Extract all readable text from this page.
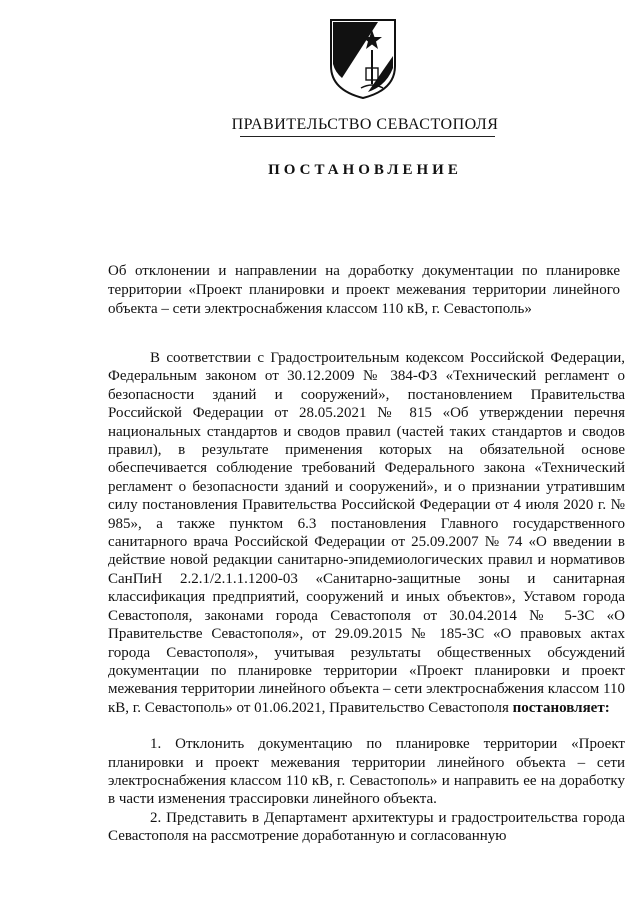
ПРАВИТЕЛЬСТВО СЕВАСТОПОЛЯ
ПОСТАНОВЛЕНИЕ
Об отклонении и направлении на доработку документации по планировке территории «Проект планировки и проект межевания территории линейного объекта – сети электроснабжения классом 110 кВ, г. Севастополь»

В соответствии с Градостроительным кодексом Российской Федерации, Федеральным законом от 30.12.2009 № 384-ФЗ «Технический регламент о безопасности зданий и сооружений», постановлением Правительства Российской Федерации от 28.05.2021 № 815 «Об утверждении перечня национальных стандартов и сводов правил (частей таких стандартов и сводов правил), в результате применения которых на обязательной основе обеспечивается соблюдение требований Федерального закона «Технический регламент о безопасности зданий и сооружений», и о признании утратившим силу постановления Правительства Российской Федерации от 4 июля 2020 г. № 985», а также пунктом 6.3 постановления Главного государственного санитарного врача Российской Федерации от 25.09.2007 № 74 «О введении в действие новой редакции санитарно-эпидемиологических правил и нормативов СанПиН 2.2.1/2.1.1.1200-03 «Санитарно-защитные зоны и санитарная классификация предприятий, сооружений и иных объектов», Уставом города Севастополя, законами города Севастополя от 30.04.2014 № 5-ЗС «О Правительстве Севастополя», от 29.09.2015 № 185-ЗС «О правовых актах города Севастополя», учитывая результаты общественных обсуждений документации по планировке территории «Проект планировки и проект межевания территории линейного объекта – сети электроснабжения классом 110 кВ, г. Севастополь» от 01.06.2021, Правительство Севастополя постановляет:

1. Отклонить документацию по планировке территории «Проект планировки и проект межевания территории линейного объекта – сети электроснабжения классом 110 кВ, г. Севастополь» и направить ее на доработку в части изменения трассировки линейного объекта.

2. Представить в Департамент архитектуры и градостроительства города Севастополя на рассмотрение доработанную и согласованную
